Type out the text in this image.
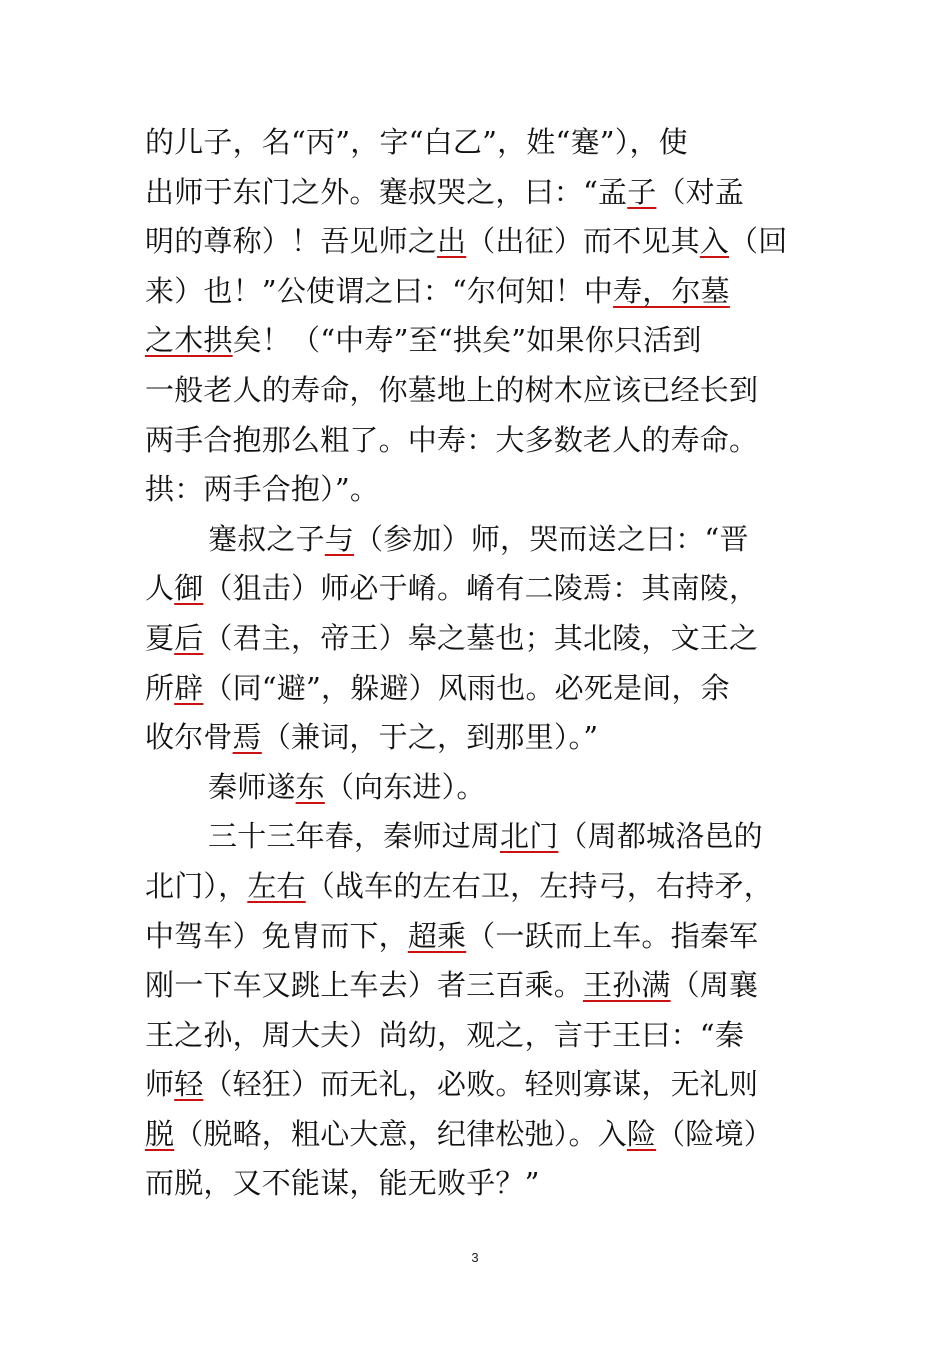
的儿子，名“丙”，字“白乙”，姓“蹇”），使
出师于东门之外。蹇叔哭之，曰：“孟子（对孟
明的尊称）！吾见师之出（出征）而不见其入（回
来）也！”公使谓之曰：“尔何知！中寿，尔墓
之木拱矣！（“中寿”至“拱矣”如果你只活到
一般老人的寿命，你墓地上的树木应该已经长到
两手合抱那么粗了。中寿：大多数老人的寿命。
拱：两手合抱）”。
蹇叔之子与（参加）师，哭而送之曰：“晋
人御（狙击）师必于崤。崤有二陵焉：其南陵，
夏后（君主，帝王）皋之墓也；其北陵，文王之
所辟（同“避”，躲避）风雨也。必死是间，余
收尔骨焉（兼词，于之，到那里）。”
秦师遂东（向东进）。
三十三年春，秦师过周北门（周都城洛邑的
北门），左右（战车的左右卫，左持弓，右持矛，
中驾车）免胄而下，超乘（一跃而上车。指秦军
刚一下车又跳上车去）者三百乘。王孙满（周襄
王之孙，周大夫）尚幼，观之，言于王曰：“秦
师轻（轻狂）而无礼，必败。轻则寡谋，无礼则
脱（脱略，粗心大意，纪律松弛）。入险（险境）
而脱，又不能谋，能无败乎？”
3
